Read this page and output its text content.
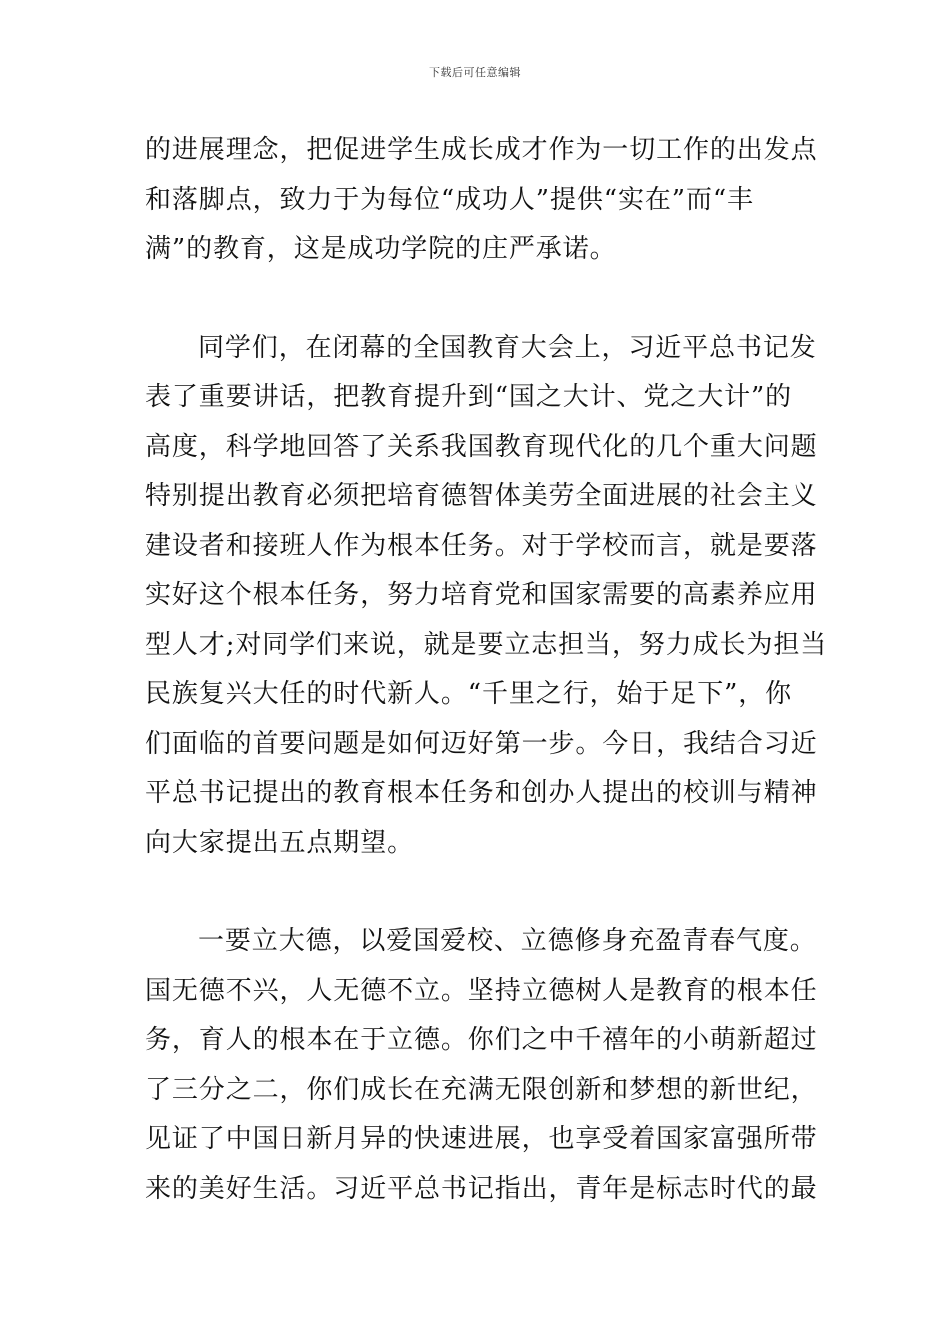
下载后可任意编辑

的进展理念，把促进学生成长成才作为一切工作的出发点

和落脚点，致力于为每位“成功人”提供“实在”而“丰

满”的教育，这是成功学院的庄严承诺。

同学们，在闭幕的全国教育大会上，习近平总书记发

表了重要讲话，把教育提升到“国之大计、党之大计”的

高度，科学地回答了关系我国教育现代化的几个重大问题

特别提出教育必须把培育德智体美劳全面进展的社会主义

建设者和接班人作为根本任务。对于学校而言，就是要落

实好这个根本任务，努力培育党和国家需要的高素养应用

型人才;对同学们来说，就是要立志担当，努力成长为担当

民族复兴大任的时代新人。“千里之行，始于足下”，你

们面临的首要问题是如何迈好第一步。今日，我结合习近

平总书记提出的教育根本任务和创办人提出的校训与精神

向大家提出五点期望。

一要立大德，以爱国爱校、立德修身充盈青春气度。

国无德不兴，人无德不立。坚持立德树人是教育的根本任

务，育人的根本在于立德。你们之中千禧年的小萌新超过

了三分之二，你们成长在充满无限创新和梦想的新世纪，

见证了中国日新月异的快速进展，也享受着国家富强所带

来的美好生活。习近平总书记指出，青年是标志时代的最
